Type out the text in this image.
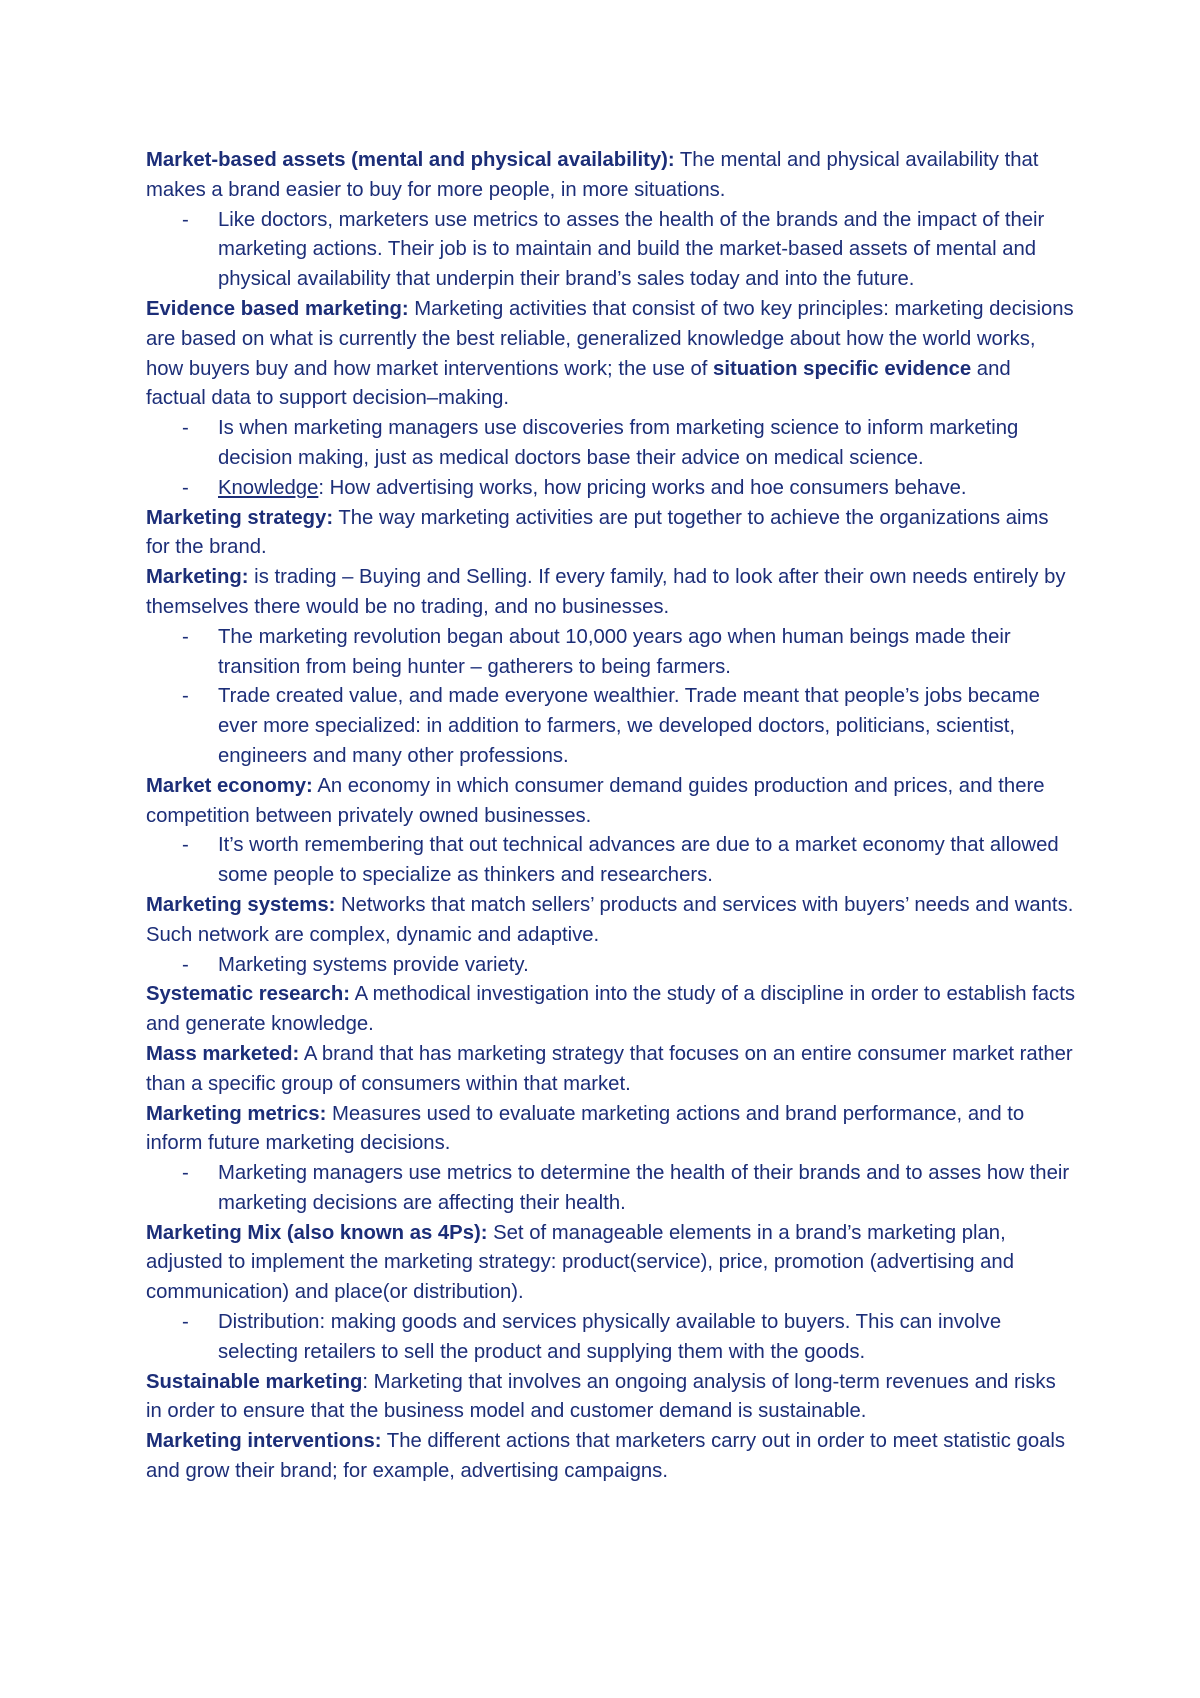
Market-based assets (mental and physical availability): The mental and physical availability that makes a brand easier to buy for more people, in more situations.

- Like doctors, marketers use metrics to asses the health of the brands and the impact of their marketing actions. Their job is to maintain and build the market-based assets of mental and physical availability that underpin their brand’s sales today and into the future.

Evidence based marketing: Marketing activities that consist of two key principles: marketing decisions are based on what is currently the best reliable, generalized knowledge about how the world works, how buyers buy and how market interventions work; the use of situation specific evidence and factual data to support decision–making.

- Is when marketing managers use discoveries from marketing science to inform marketing decision making, just as medical doctors base their advice on medical science.

- Knowledge: How advertising works, how pricing works and hoe consumers behave.

Marketing strategy: The way marketing activities are put together to achieve the organizations aims for the brand.

Marketing: is trading – Buying and Selling. If every family, had to look after their own needs entirely by themselves there would be no trading, and no businesses.

- The marketing revolution began about 10,000 years ago when human beings made their transition from being hunter – gatherers to being farmers.

- Trade created value, and made everyone wealthier. Trade meant that people’s jobs became ever more specialized: in addition to farmers, we developed doctors, politicians, scientist, engineers and many other professions.

Market economy: An economy in which consumer demand guides production and prices, and there competition between privately owned businesses.

- It’s worth remembering that out technical advances are due to a market economy that allowed some people to specialize as thinkers and researchers.

Marketing systems: Networks that match sellers’ products and services with buyers’ needs and wants. Such network are complex, dynamic and adaptive.

- Marketing systems provide variety.

Systematic research: A methodical investigation into the study of a discipline in order to establish facts and generate knowledge.

Mass marketed: A brand that has marketing strategy that focuses on an entire consumer market rather than a specific group of consumers within that market.

Marketing metrics: Measures used to evaluate marketing actions and brand performance, and to inform future marketing decisions.

- Marketing managers use metrics to determine the health of their brands and to asses how their marketing decisions are affecting their health.

Marketing Mix (also known as 4Ps): Set of manageable elements in a brand’s marketing plan, adjusted to implement the marketing strategy: product(service), price, promotion (advertising and communication) and place(or distribution).

- Distribution: making goods and services physically available to buyers. This can involve selecting retailers to sell the product and supplying them with the goods.

Sustainable marketing: Marketing that involves an ongoing analysis of long-term revenues and risks in order to ensure that the business model and customer demand is sustainable.

Marketing interventions: The different actions that marketers carry out in order to meet statistic goals and grow their brand; for example, advertising campaigns.
